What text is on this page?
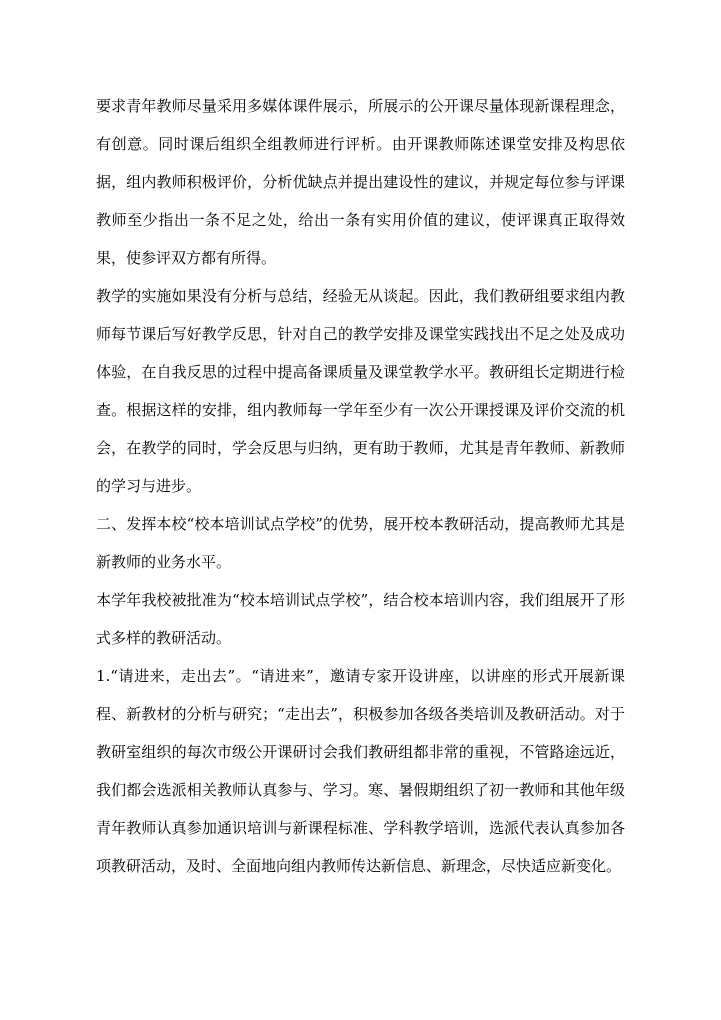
要求青年教师尽量采用多媒体课件展示，所展示的公开课尽量体现新课程理念，有创意。同时课后组织全组教师进行评析。由开课教师陈述课堂安排及构思依据，组内教师积极评价，分析优缺点并提出建设性的建议，并规定每位参与评课教师至少指出一条不足之处，给出一条有实用价值的建议，使评课真正取得效果，使参评双方都有所得。

教学的实施如果没有分析与总结，经验无从谈起。因此，我们教研组要求组内教师每节课后写好教学反思，针对自己的教学安排及课堂实践找出不足之处及成功体验，在自我反思的过程中提高备课质量及课堂教学水平。教研组长定期进行检查。根据这样的安排，组内教师每一学年至少有一次公开课授课及评价交流的机会，在教学的同时，学会反思与归纳，更有助于教师，尤其是青年教师、新教师的学习与进步。

二、发挥本校“校本培训试点学校”的优势，展开校本教研活动，提高教师尤其是新教师的业务水平。

本学年我校被批准为“校本培训试点学校”，结合校本培训内容，我们组展开了形式多样的教研活动。

1.“请进来，走出去”。“请进来”，邀请专家开设讲座，以讲座的形式开展新课程、新教材的分析与研究；“走出去”，积极参加各级各类培训及教研活动。对于教研室组织的每次市级公开课研讨会我们教研组都非常的重视，不管路途远近，我们都会选派相关教师认真参与、学习。寒、暑假期组织了初一教师和其他年级青年教师认真参加通识培训与新课程标准、学科教学培训，选派代表认真参加各项教研活动，及时、全面地向组内教师传达新信息、新理念，尽快适应新变化。
